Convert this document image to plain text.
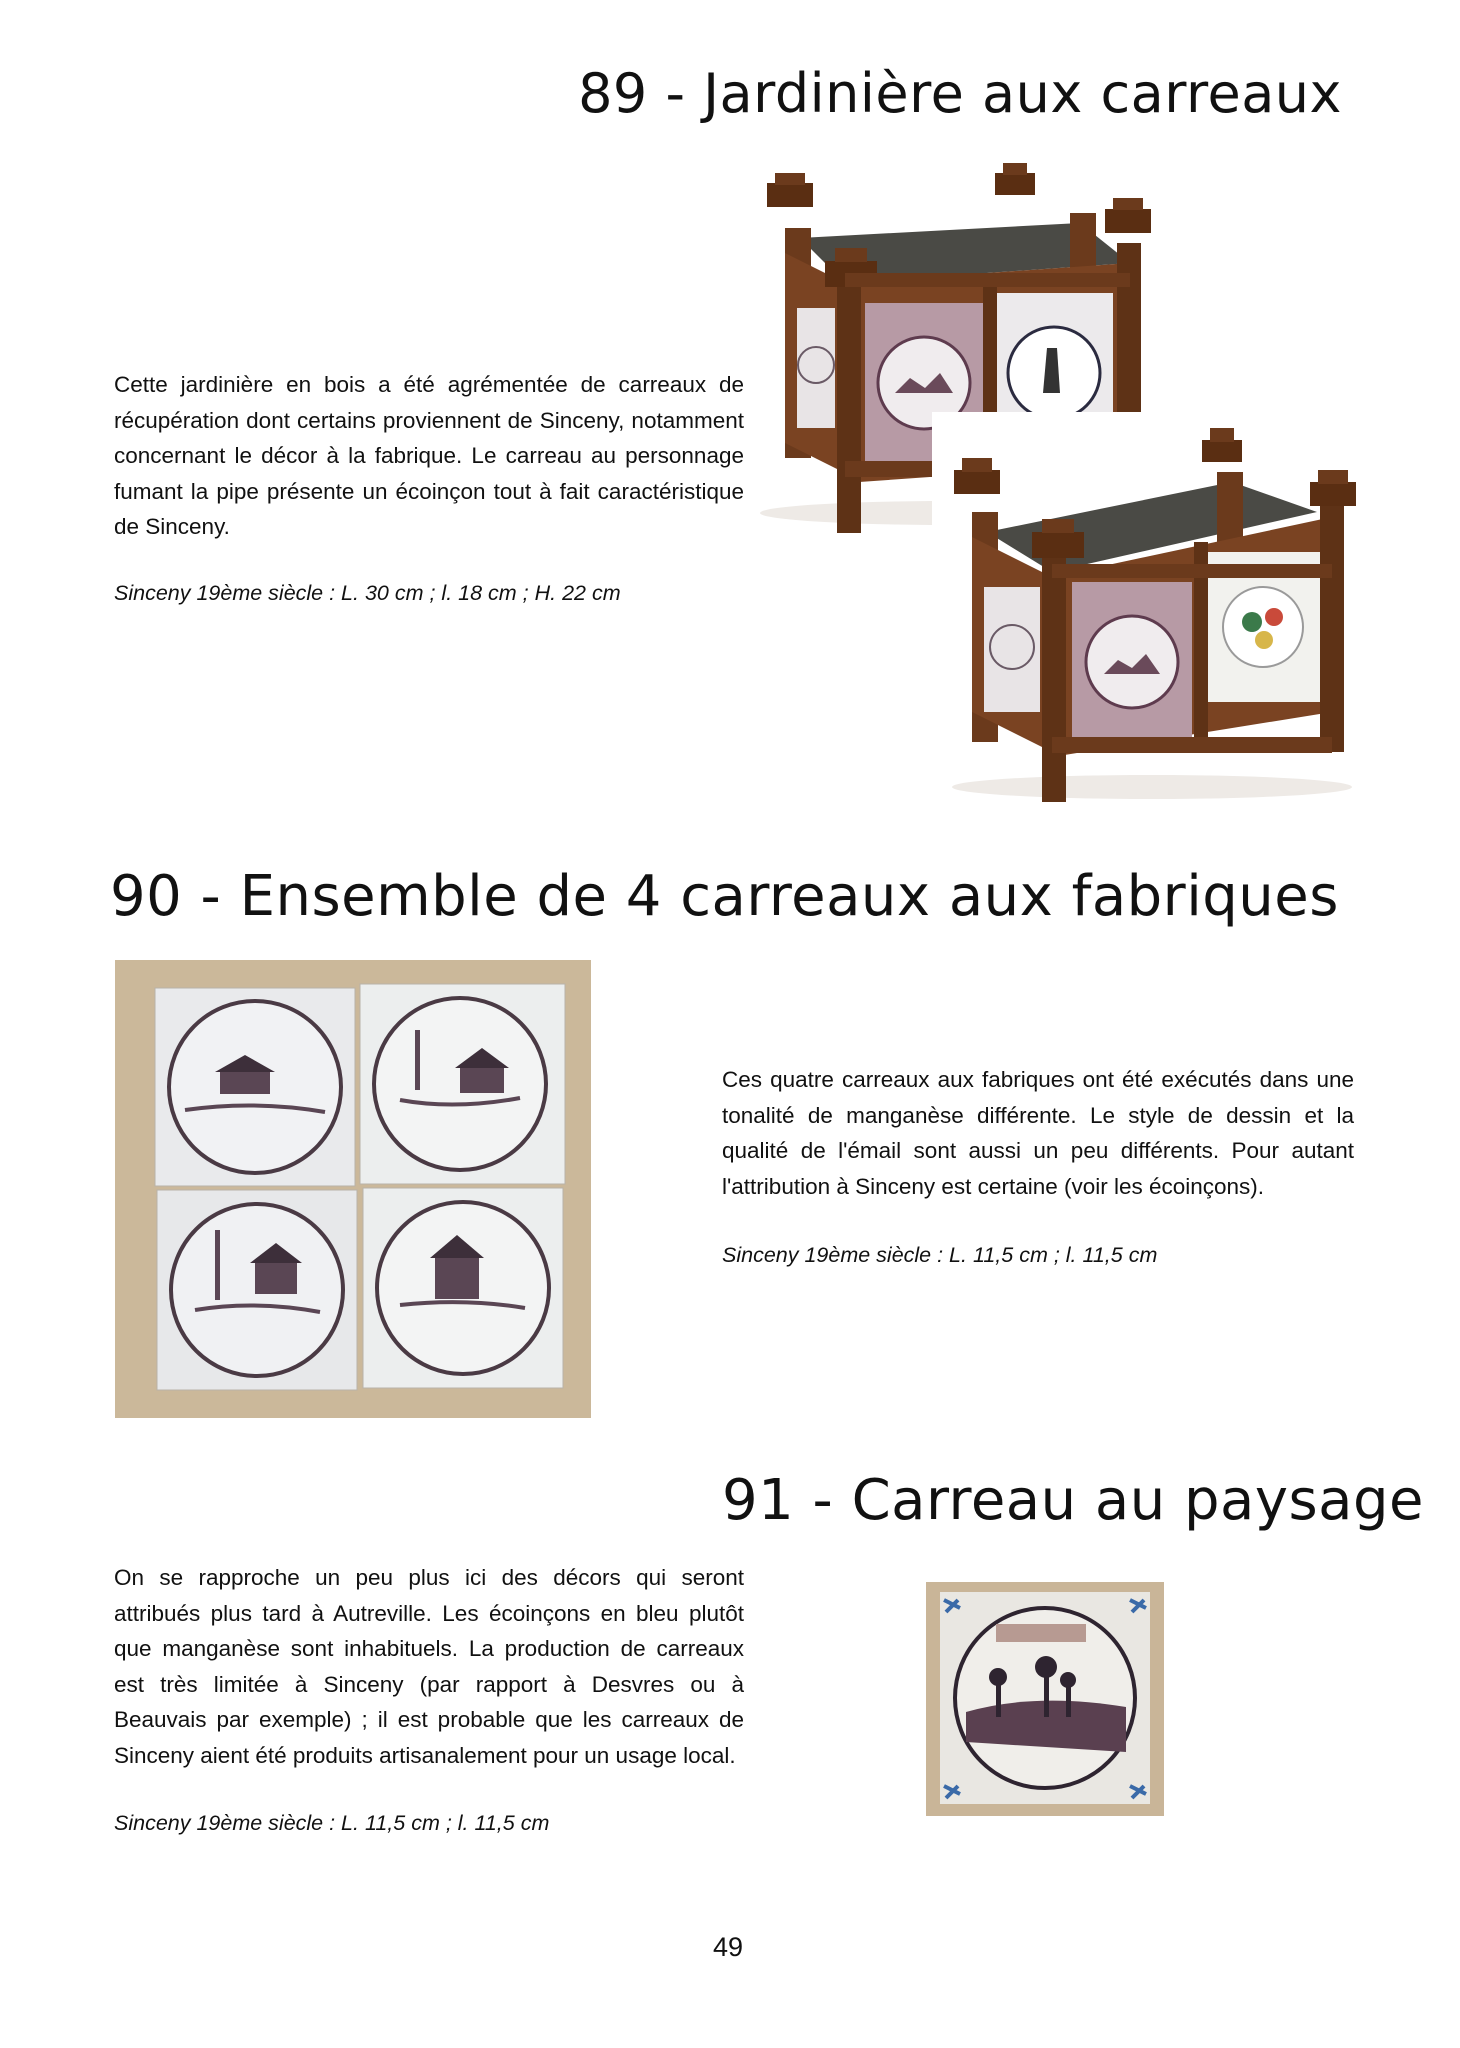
89 - Jardinière aux carreaux

Cette jardinière en bois a été agrémentée de carreaux de récupération dont certains proviennent de Sinceny, notamment concernant le décor à la fabrique. Le carreau au personnage fumant la pipe présente un écoinçon tout à fait caractéristique de Sinceny.

Sinceny 19ème siècle : L. 30 cm ; l. 18 cm ; H. 22 cm
90 - Ensemble de 4 carreaux aux fabriques

Ces quatre carreaux aux fabriques ont été exécutés dans une tonalité de manganèse différente. Le style de dessin et la qualité de l'émail sont aussi un peu différents. Pour autant l'attribution à Sinceny est certaine (voir les écoinçons).

Sinceny 19ème siècle : L. 11,5 cm ; l. 11,5 cm
91 - Carreau au paysage

On se rapproche un peu plus ici des décors qui seront attribués plus tard à Autreville. Les écoinçons en bleu plutôt que manganèse sont inhabituels. La production de carreaux est très limitée à Sinceny (par rapport à Desvres ou à Beauvais par exemple) ; il est probable que les carreaux de Sinceny aient été produits artisanalement pour un usage local.

Sinceny 19ème siècle : L. 11,5 cm ; l. 11,5 cm
49
